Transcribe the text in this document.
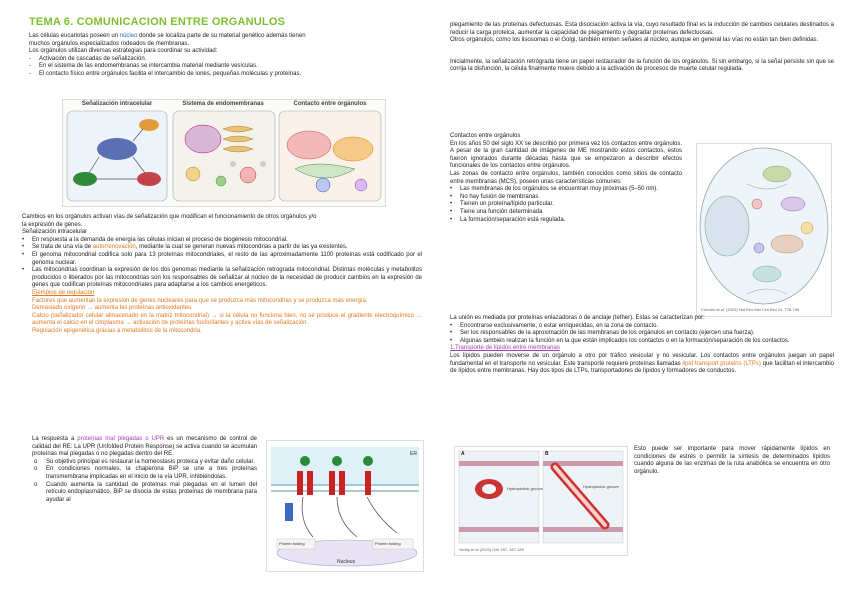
TEMA 6. COMUNICACION ENTRE ORGANULOS

Las células eucariotas poseen un núcleo donde se localiza parte de su material genético además tienen

muchos orgánulos especializados rodeados de membranas.

Los orgánulos utilizan diversas estrategias para coordinar su actividad:

- Activación de cascadas de señalización.

- En el sistema de las endomembranas se intercambia material mediante vesículas.

- El contacto físico entre orgánulos facilita el intercambio de iones, pequeñas moléculas y proteínas.

Señalización intracelular	Sistema de endomembranas	Contacto entre orgánulos

Cambios en los orgánulos activan vías de señalización que modifican el funcionamiento de otros orgánulos y/o

la expresión de genes.

Señalización intracelular

• En respuesta a la demanda de energía las células inician el proceso de biogénesis mitocondrial.

• Se trata de una vía de autorrenovación, mediante la cual se generan nuevas mitocondrias a partir de las ya existentes.

• El genoma mitocondrial codifica solo para 13 proteínas mitocondriales, el resto de las aproximadamente 1100 proteínas está codificado por el genoma nuclear.

• Las mitocondrias coordinan la expresión de los dos genomas mediante la señalización retrograda mitocondrial. Distintas moléculas y metabolitos producidos o liberados por las mitocondrias son los responsables de señalizar al núcleo de la necesidad de producir cambios en la expresión de genes que codifican proteínas mitocondriales para adaptarse a los cambios energéticos.

Ejemplos de regulación

Factores que aumentan la expresión de genes nucleares para que se produzca más mitocondrias y se produzca más energía.

Demasiado oxígeno → aumenta las proteínas antioxidantes.

Calcio (señalizador celular almacenado en la matriz mitocondrial) → si la célula no funciona bien, no se produce el gradiente electroquímico → aumenta el calcio en el citoplasma → activación de proteínas fosforilantes y activa vías de señalización.

Regulación epigenética gracias a metabolitos de la mitocondria.

La respuesta a proteínas mal plegadas o UPR es un mecanismo de control de calidad del RE: La UPR (Unfolded Protein Response) se activa cuando se acumulan proteínas mal plegadas o no plegadas dentro del RE.

o Su objetivo principal es restaurar la homeostasis proteica y evitar daño celular.

o En condiciones normales, la chaperona BiP se une a tres proteínas transmembrana implicadas en el inicio de la vía UPR, inhibiéndolas.

o Cuando aumenta la cantidad de proteínas mal plegadas en el lumen del retículo endoplasmático, BiP se disocia de estas proteínas de membrana para ayudar al

ER
Nucleus
Protein folding	Protein folding

plegamiento de las proteínas defectuosas. Esta disociación activa la vía, cuyo resultado final es la inducción de cambios celulares destinados a reducir la carga proteica, aumentar la capacidad de plegamiento y degradar proteínas defectuosas.

Otros orgánulos, como los lisosomas o el Golgi, también emiten señales al núcleo, aunque en general las vías no están tan bien definidas.

Inicialmente, la señalización retrógrada tiene un papel restaurador de la función de los orgánulos. Si sin embargo, si la señal persiste sin que se corrija la disfunción, la célula finalmente muere debido a la activación de procesos de muerte celular regulada.

Contactos entre orgánulos

En los años 50 del siglo XX se describió por primera vez los contactos entre orgánulos. A pesar de la gran cantidad de imágenes de ME mostrando estos contactos, estos fueron ignorados durante décadas hasta que se empezaron a describir efectos funcionales de los contactos entre orgánulos.

Las zonas de contacto entre orgánulos, también conocidos como sitios de contacto entre membranas (MCS), poseen unas características comunes:

• Las membranas de los orgánulos se encuentran muy próximas (5–50 nm).

• No hay fusión de membranas

• Tienen un proteína/lípido particular.

• Tiene una función determinada

• La formación/separación está regulada.

Cormier et al. (2023) Nat Rev Mol Cell Biol 24, 778-798

La unión es mediada por proteínas enlazadoras o de anclaje (tether). Estas se caracterizan por:

• Encontrarse exclusivamente, o estar enriquecidas, en la zona de contacto.

• Ser los responsables de la aproximación de las membranas de los orgánulos en contacto (ejercen una fuerza).

• Algunas también realizan la función en la que están implicados los contactos o en la formación/separación de los contactos.

1.Transporte de lípidos entre membranas

Los lípidos pueden moverse de un orgánulo a otro por tráfico vesicular y no vesicular. Los contactos entre orgánulos juegan un papel fundamental en el transporte no vesicular. Este transporte requiere proteínas llamadas lipid transport proteins (LTPs) que facilitan el intercambio de lípidos entre membranas. Hay dos tipos de LTPs, transportadores de lípidos y formadores de conductos.

A	B
Hydrophobic groove	Hydrophobic groove
Vanity et al (2020) Cell 187, 187-189

Esto puede ser importante para mover rápidamente lípidos en condiciones de estrés o permitir la síntesis de determinados lípidos cuando alguna de las enzimas de la ruta anabólica se encuentra en otro orgánulo.
